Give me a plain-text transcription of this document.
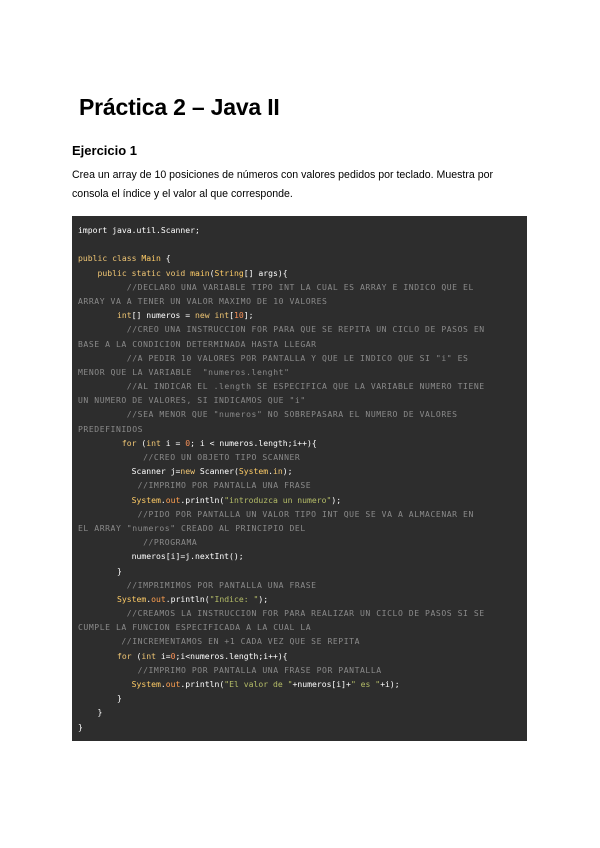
Práctica 2 – Java II
Ejercicio 1

Crea un array de 10 posiciones de números con valores pedidos por teclado. Muestra por consola el índice y el valor al que corresponde.

import java.util.Scanner;
public class Main {
public static void main(String[] args){
//DECLARO UNA VARIABLE TIPO INT LA CUAL ES ARRAY E INDICO QUE EL
ARRAY VA A TENER UN VALOR MAXIMO DE 10 VALORES
int[] numeros = new int[10];
//CREO UNA INSTRUCCION FOR PARA QUE SE REPITA UN CICLO DE PASOS EN
BASE A LA CONDICION DETERMINADA HASTA LLEGAR
//A PEDIR 10 VALORES POR PANTALLA Y QUE LE INDICO QUE SI "i" ES
MENOR QUE LA VARIABLE  "numeros.lenght"
//AL INDICAR EL .length SE ESPECIFICA QUE LA VARIABLE NUMERO TIENE
UN NUMERO DE VALORES, SI INDICAMOS QUE "i"
//SEA MENOR QUE "numeros" NO SOBREPASARA EL NUMERO DE VALORES
PREDEFINIDOS
for (int i = 0; i < numeros.length;i++){
//CREO UN OBJETO TIPO SCANNER
Scanner j=new Scanner(System.in);
//IMPRIMO POR PANTALLA UNA FRASE
System.out.println("introduzca un numero");
//PIDO POR PANTALLA UN VALOR TIPO INT QUE SE VA A ALMACENAR EN
EL ARRAY "numeros" CREADO AL PRINCIPIO DEL
//PROGRAMA
numeros[i]=j.nextInt();
}
//IMPRIMIMOS POR PANTALLA UNA FRASE
System.out.println("Indice: ");
//CREAMOS LA INSTRUCCION FOR PARA REALIZAR UN CICLO DE PASOS SI SE
CUMPLE LA FUNCION ESPECIFICADA A LA CUAL LA
//INCREMENTAMOS EN +1 CADA VEZ QUE SE REPITA
for (int i=0;i<numeros.length;i++){
//IMPRIMO POR PANTALLA UNA FRASE POR PANTALLA
System.out.println("El valor de "+numeros[i]+" es "+i);
}
}
}
